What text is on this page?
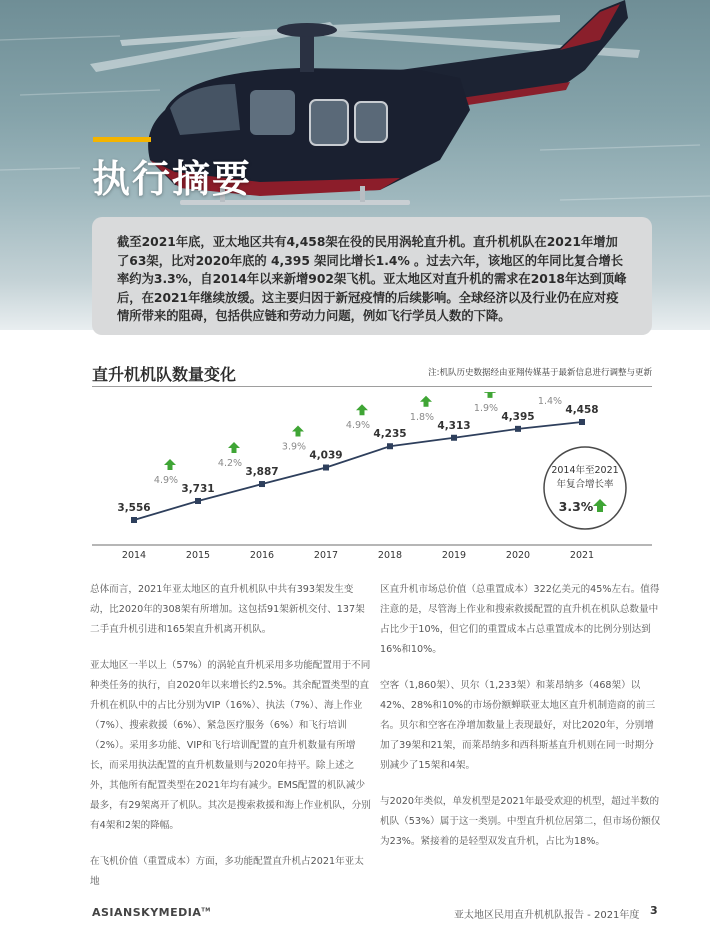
执行摘要

截至2021年底，亚太地区共有4,458架在役的民用涡轮直升机。直升机机队在2021年增加了63架，比对2020年底的 4,395 架同比增长1.4% 。过去六年，该地区的年同比复合增长率约为3.3%，自2014年以来新增902架飞机。亚太地区对直升机的需求在2018年达到顶峰后，在2021年继续放缓。这主要归因于新冠疫情的后续影响。全球经济以及行业仍在应对疫情所带来的阻碍，包括供应链和劳动力问题，例如飞行学员人数的下降。

直升机机队数量变化	注:机队历史数据经由亚翔传媒基于最新信息进行调整与更新
3,556
2014
3,731
2015
3,887
2016
4,039
2017
4,235
2018
4,313
2019
4,395
2020
4,458
2021
4.9%
4.2%
3.9%
4.9%
1.8%
1.9%
1.4%
2014年至2021
年复合增长率
3.3%

总体而言，2021年亚太地区的直升机机队中共有393架发生变动，比2020年的308架有所增加。这包括91架新机交付、137架二手直升机引进和165架直升机离开机队。

亚太地区一半以上（57%）的涡轮直升机采用多功能配置用于不同种类任务的执行，自2020年以来增长约2.5%。其余配置类型的直升机在机队中的占比分别为VIP（16%）、执法（7%）、海上作业（7%）、搜索救援（6%）、紧急医疗服务（6%）和飞行培训（2%）。采用多功能、VIP和飞行培训配置的直升机数量有所增长，而采用执法配置的直升机数量则与2020年持平。除上述之外，其他所有配置类型在2021年均有减少。EMS配置的机队减少最多，有29架离开了机队。其次是搜索救援和海上作业机队，分别有4架和2架的降幅。

在飞机价值（重置成本）方面，多功能配置直升机占2021年亚太地

区直升机市场总价值（总重置成本）322亿美元的45%左右。值得注意的是，尽管海上作业和搜索救援配置的直升机在机队总数量中占比少于10%，但它们的重置成本占总重置成本的比例分别达到16%和10%。

空客（1,860架）、贝尔（1,233架）和莱昂纳多（468架）以42%、28%和10%的市场份额蝉联亚太地区直升机制造商的前三名。贝尔和空客在净增加数量上表现最好，对比2020年，分别增加了39架和21架，而莱昂纳多和西科斯基直升机则在同一时期分别减少了15架和4架。

与2020年类似，单发机型是2021年最受欢迎的机型，超过半数的机队（53%）属于这一类别。中型直升机位居第二，但市场份额仅为23%。紧接着的是轻型双发直升机，占比为18%。

ASIANSKYMEDIA™	亚太地区民用直升机机队报告 - 2021年度 3
